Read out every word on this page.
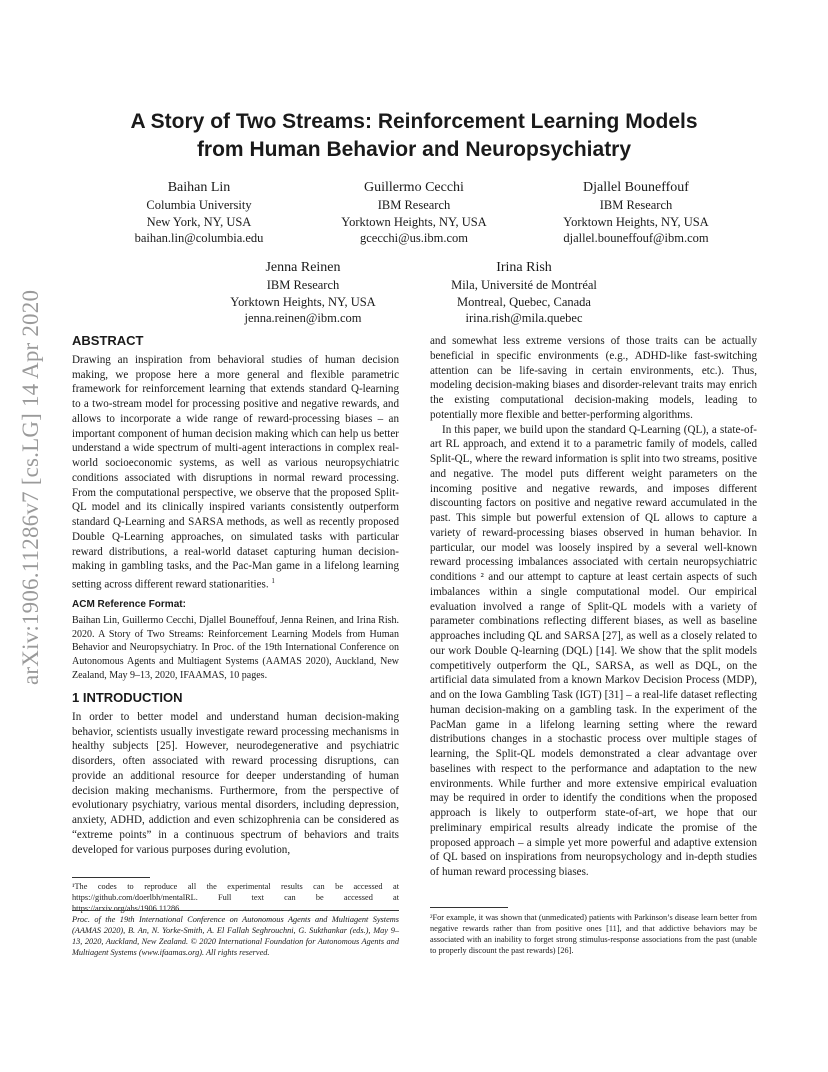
arXiv:1906.11286v7 [cs.LG] 14 Apr 2020
A Story of Two Streams: Reinforcement Learning Models
from Human Behavior and Neuropsychiatry
Baihan Lin
Columbia University
New York, NY, USA
baihan.lin@columbia.edu
Guillermo Cecchi
IBM Research
Yorktown Heights, NY, USA
gcecchi@us.ibm.com
Djallel Bouneffouf
IBM Research
Yorktown Heights, NY, USA
djallel.bouneffouf@ibm.com
Jenna Reinen
IBM Research
Yorktown Heights, NY, USA
jenna.reinen@ibm.com
Irina Rish
Mila, Université de Montréal
Montreal, Quebec, Canada
irina.rish@mila.quebec
ABSTRACT

Drawing an inspiration from behavioral studies of human decision making, we propose here a more general and flexible parametric framework for reinforcement learning that extends standard Q-learning to a two-stream model for processing positive and negative rewards, and allows to incorporate a wide range of reward-processing biases – an important component of human decision making which can help us better understand a wide spectrum of multi-agent interactions in complex real-world socioeconomic systems, as well as various neuropsychiatric conditions associated with disruptions in normal reward processing. From the computational perspective, we observe that the proposed Split-QL model and its clinically inspired variants consistently outperform standard Q-Learning and SARSA methods, as well as recently proposed Double Q-Learning approaches, on simulated tasks with particular reward distributions, a real-world dataset capturing human decision-making in gambling tasks, and the Pac-Man game in a lifelong learning setting across different reward stationarities. $^1$

ACM Reference Format:

Baihan Lin, Guillermo Cecchi, Djallel Bouneffouf, Jenna Reinen, and Irina Rish. 2020. A Story of Two Streams: Reinforcement Learning Models from Human Behavior and Neuropsychiatry. In Proc. of the 19th International Conference on Autonomous Agents and Multiagent Systems (AAMAS 2020), Auckland, New Zealand, May 9–13, 2020, IFAAMAS, 10 pages.

1 INTRODUCTION

In order to better model and understand human decision-making behavior, scientists usually investigate reward processing mechanisms in healthy subjects [25]. However, neurodegenerative and psychiatric disorders, often associated with reward processing disruptions, can provide an additional resource for deeper understanding of human decision making mechanisms. Furthermore, from the perspective of evolutionary psychiatry, various mental disorders, including depression, anxiety, ADHD, addiction and even schizophrenia can be considered as “extreme points” in a continuous spectrum of behaviors and traits developed for various purposes during evolution,

¹The codes to reproduce all the experimental results can be accessed at https://github.com/doerlbh/mentalRL. Full text can be accessed at https://arxiv.org/abs/1906.11286.
Proc. of the 19th International Conference on Autonomous Agents and Multiagent Systems (AAMAS 2020), B. An, N. Yorke-Smith, A. El Fallah Seghrouchni, G. Sukthankar (eds.), May 9–13, 2020, Auckland, New Zealand. © 2020 International Foundation for Autonomous Agents and Multiagent Systems (www.ifaamas.org). All rights reserved.

and somewhat less extreme versions of those traits can be actually beneficial in specific environments (e.g., ADHD-like fast-switching attention can be life-saving in certain environments, etc.). Thus, modeling decision-making biases and disorder-relevant traits may enrich the existing computational decision-making models, leading to potentially more flexible and better-performing algorithms.

In this paper, we build upon the standard Q-Learning (QL), a state-of-art RL approach, and extend it to a parametric family of models, called Split-QL, where the reward information is split into two streams, positive and negative. The model puts different weight parameters on the incoming positive and negative rewards, and imposes different discounting factors on positive and negative reward accumulated in the past. This simple but powerful extension of QL allows to capture a variety of reward-processing biases observed in human behavior. In particular, our model was loosely inspired by a several well-known reward processing imbalances associated with certain neuropsychiatric conditions ² and our attempt to capture at least certain aspects of such imbalances within a single computational model. Our empirical evaluation involved a range of Split-QL models with a variety of parameter combinations reflecting different biases, as well as baseline approaches including QL and SARSA [27], as well as a closely related to our work Double Q-learning (DQL) [14]. We show that the split models competitively outperform the QL, SARSA, as well as DQL, on the artificial data simulated from a known Markov Decision Process (MDP), and on the Iowa Gambling Task (IGT) [31] – a real-life dataset reflecting human decision-making on a gambling task. In the experiment of the PacMan game in a lifelong learning setting where the reward distributions changes in a stochastic process over multiple stages of learning, the Split-QL models demonstrated a clear advantage over baselines with respect to the performance and adaptation to the new environments. While further and more extensive empirical evaluation may be required in order to identify the conditions when the proposed approach is likely to outperform state-of-art, we hope that our preliminary empirical results already indicate the promise of the proposed approach – a simple yet more powerful and adaptive extension of QL based on inspirations from neuropsychology and in-depth studies of human reward processing biases.

²For example, it was shown that (unmedicated) patients with Parkinson’s disease learn better from negative rewards rather than from positive ones [11], and that addictive behaviors may be associated with an inability to forget strong stimulus-response associations from the past (unable to properly discount the past rewards) [26].
